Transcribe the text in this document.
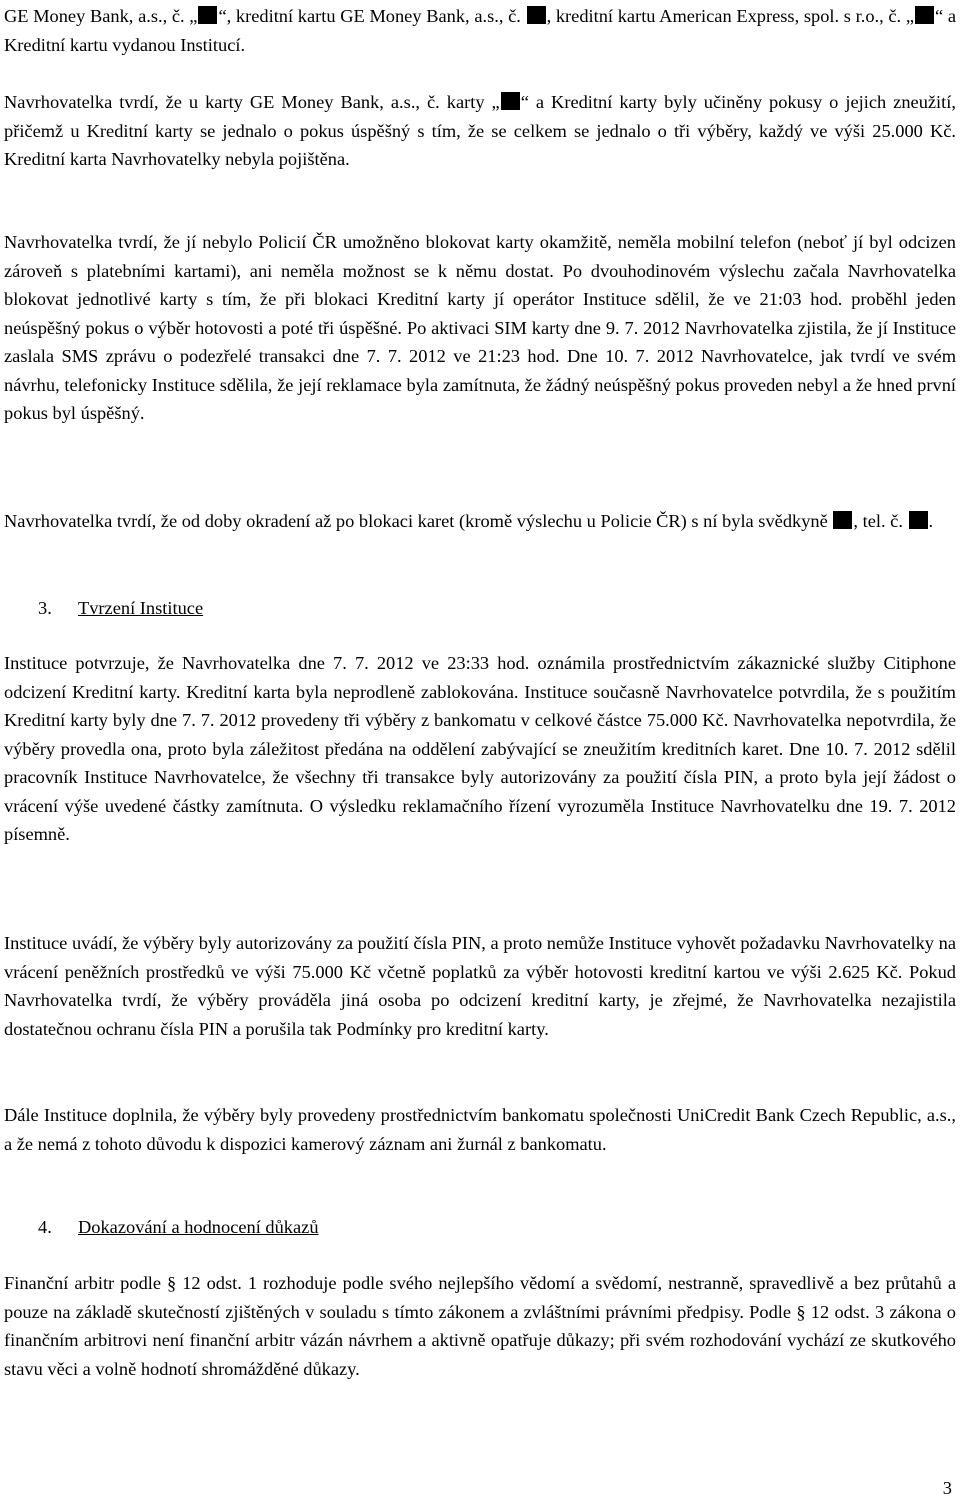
GE Money Bank, a.s., č. „ “, kreditní kartu GE Money Bank, a.s., č. , kreditní kartu American Express, spol. s r.o., č. „ “ a Kreditní kartu vydanou Institucí.

Navrhovatelka tvrdí, že u karty GE Money Bank, a.s., č. karty „ “ a Kreditní karty byly učiněny pokusy o jejich zneužití, přičemž u Kreditní karty se jednalo o pokus úspěšný s tím, že se celkem se jednalo o tři výběry, každý ve výši 25.000 Kč. Kreditní karta Navrhovatelky nebyla pojištěna.

Navrhovatelka tvrdí, že jí nebylo Policií ČR umožněno blokovat karty okamžitě, neměla mobilní telefon (neboť jí byl odcizen zároveň s platebními kartami), ani neměla možnost se k němu dostat. Po dvouhodinovém výslechu začala Navrhovatelka blokovat jednotlivé karty s tím, že při blokaci Kreditní karty jí operátor Instituce sdělil, že ve 21:03 hod. proběhl jeden neúspěšný pokus o výběr hotovosti a poté tři úspěšné. Po aktivaci SIM karty dne 9. 7. 2012 Navrhovatelka zjistila, že jí Instituce zaslala SMS zprávu o podezřelé transakci dne 7. 7. 2012 ve 21:23 hod. Dne 10. 7. 2012 Navrhovatelce, jak tvrdí ve svém návrhu, telefonicky Instituce sdělila, že její reklamace byla zamítnuta, že žádný neúspěšný pokus proveden nebyl a že hned první pokus byl úspěšný.

Navrhovatelka tvrdí, že od doby okradení až po blokaci karet (kromě výslechu u Policie ČR) s ní byla svědkyně , tel. č. .

3. Tvrzení Instituce

Instituce potvrzuje, že Navrhovatelka dne 7. 7. 2012 ve 23:33 hod. oznámila prostřednictvím zákaznické služby Citiphone odcizení Kreditní karty. Kreditní karta byla neprodleně zablokována. Instituce současně Navrhovatelce potvrdila, že s použitím Kreditní karty byly dne 7. 7. 2012 provedeny tři výběry z bankomatu v celkové částce 75.000 Kč. Navrhovatelka nepotvrdila, že výběry provedla ona, proto byla záležitost předána na oddělení zabývající se zneužitím kreditních karet. Dne 10. 7. 2012 sdělil pracovník Instituce Navrhovatelce, že všechny tři transakce byly autorizovány za použití čísla PIN, a proto byla její žádost o vrácení výše uvedené částky zamítnuta. O výsledku reklamačního řízení vyrozuměla Instituce Navrhovatelku dne 19. 7. 2012 písemně.

Instituce uvádí, že výběry byly autorizovány za použití čísla PIN, a proto nemůže Instituce vyhovět požadavku Navrhovatelky na vrácení peněžních prostředků ve výši 75.000 Kč včetně poplatků za výběr hotovosti kreditní kartou ve výši 2.625 Kč. Pokud Navrhovatelka tvrdí, že výběry prováděla jiná osoba po odcizení kreditní karty, je zřejmé, že Navrhovatelka nezajistila dostatečnou ochranu čísla PIN a porušila tak Podmínky pro kreditní karty.

Dále Instituce doplnila, že výběry byly provedeny prostřednictvím bankomatu společnosti UniCredit Bank Czech Republic, a.s., a že nemá z tohoto důvodu k dispozici kamerový záznam ani žurnál z bankomatu.

4. Dokazování a hodnocení důkazů

Finanční arbitr podle § 12 odst. 1 rozhoduje podle svého nejlepšího vědomí a svědomí, nestranně, spravedlivě a bez průtahů a pouze na základě skutečností zjištěných v souladu s tímto zákonem a zvláštními právními předpisy. Podle § 12 odst. 3 zákona o finančním arbitrovi není finanční arbitr vázán návrhem a aktivně opatřuje důkazy; při svém rozhodování vychází ze skutkového stavu věci a volně hodnotí shromážděné důkazy.

3
